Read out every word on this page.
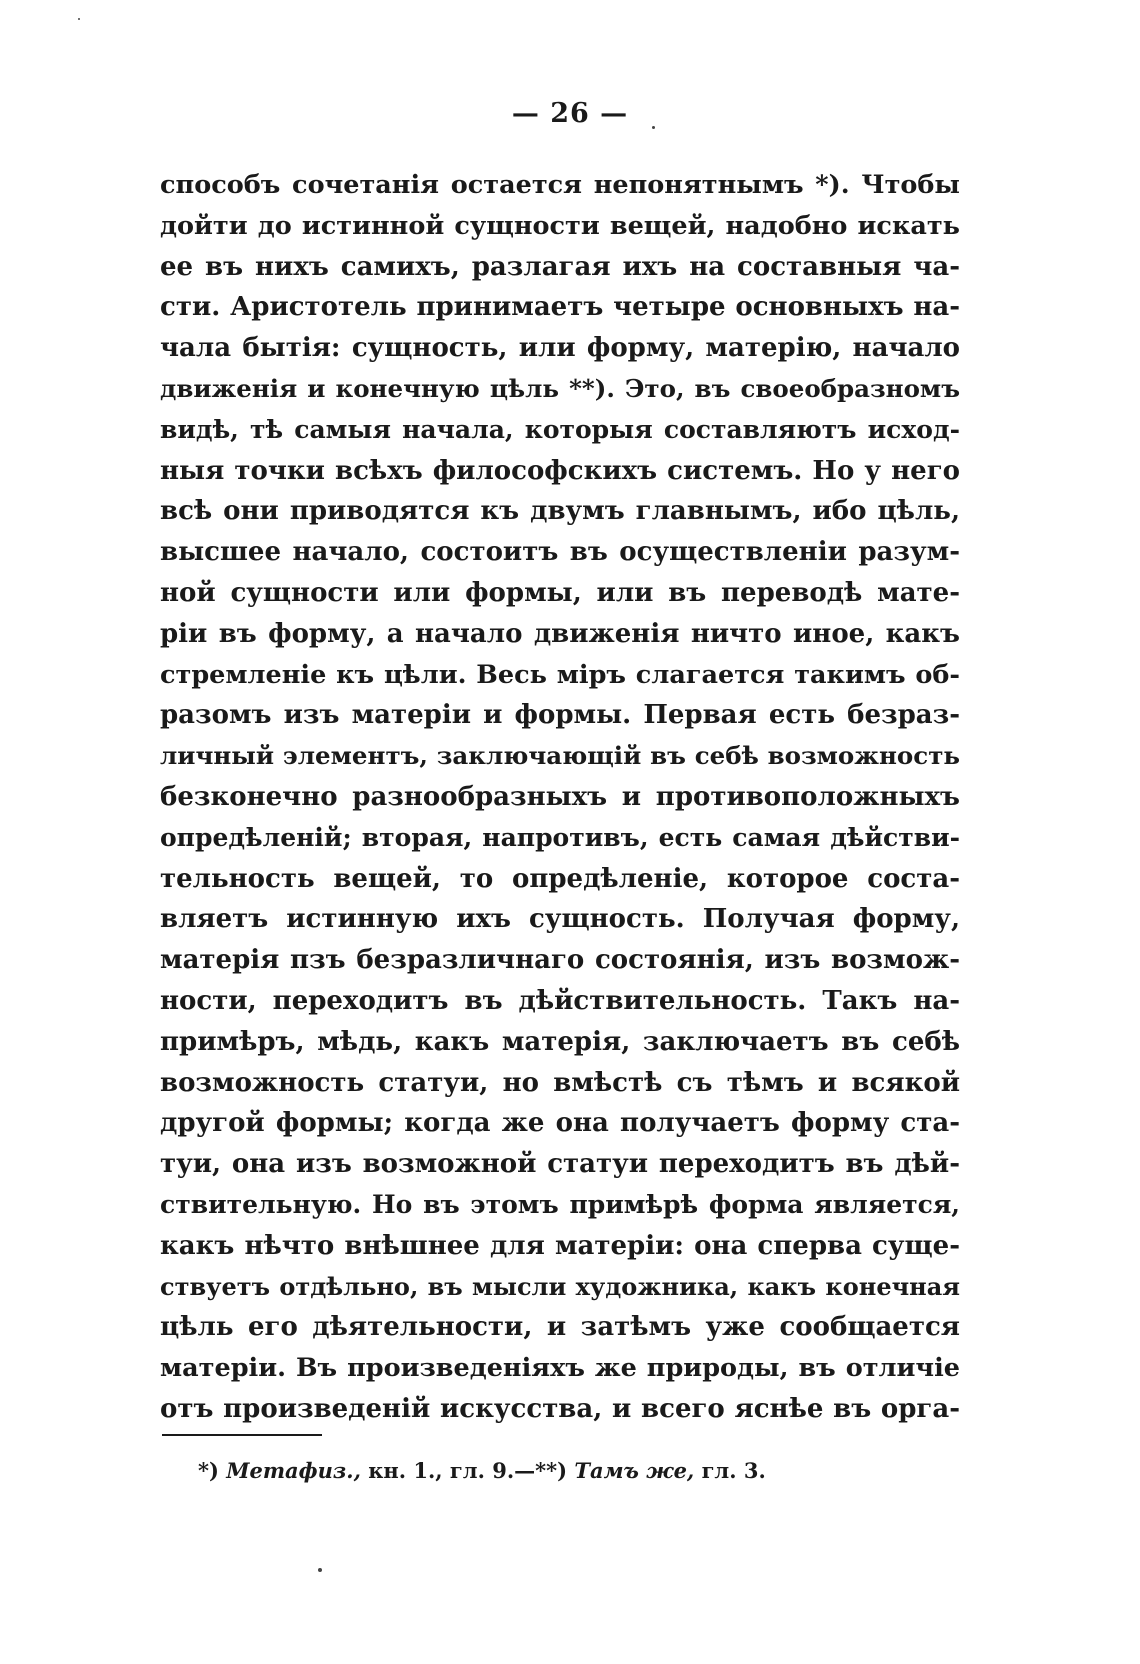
— 26 —
способъ сочетанія остается непонятнымъ *). Чтобы
дойти до истинной сущности вещей, надобно искать
ее въ нихъ самихъ, разлагая ихъ на составныя ча-
сти. Аристотель принимаетъ четыре основныхъ на-
чала бытія: сущность, или форму, матерію, начало
движенія и конечную цѣль **). Это, въ своеобразномъ
видѣ, тѣ самыя начала, которыя составляютъ исход-
ныя точки всѣхъ философскихъ системъ. Но у него
всѣ они приводятся къ двумъ главнымъ, ибо цѣль,
высшее начало, состоитъ въ осуществленіи разум-
ной сущности или формы, или въ переводѣ мате-
ріи въ форму, а начало движенія ничто иное, какъ
стремленіе къ цѣли. Весь міръ слагается такимъ об-
разомъ изъ матеріи и формы. Первая есть безраз-
личный элементъ, заключающій въ себѣ возможность
безконечно разнообразныхъ и противоположныхъ
опредѣленій; вторая, напротивъ, есть самая дѣйстви-
тельность вещей, то опредѣленіе, которое соста-
вляетъ истинную ихъ сущность. Получая форму,
матерія пзъ безразличнаго состоянія, изъ возмож-
ности, переходитъ въ дѣйствительность. Такъ на-
примѣръ, мѣдь, какъ матерія, заключаетъ въ себѣ
возможность статуи, но вмѣстѣ съ тѣмъ и всякой
другой формы; когда же она получаетъ форму ста-
туи, она изъ возможной статуи переходитъ въ дѣй-
ствительную. Но въ этомъ примѣрѣ форма является,
какъ нѣчто внѣшнее для матеріи: она сперва суще-
ствуетъ отдѣльно, въ мысли художника, какъ конечная
цѣль его дѣятельности, и затѣмъ уже сообщается
матеріи. Въ произведеніяхъ же природы, въ отличіе
отъ произведеній искусства, и всего яснѣе въ орга-
*) Метафиз., кн. 1., гл. 9.—**) Тамъ же, гл. 3.
